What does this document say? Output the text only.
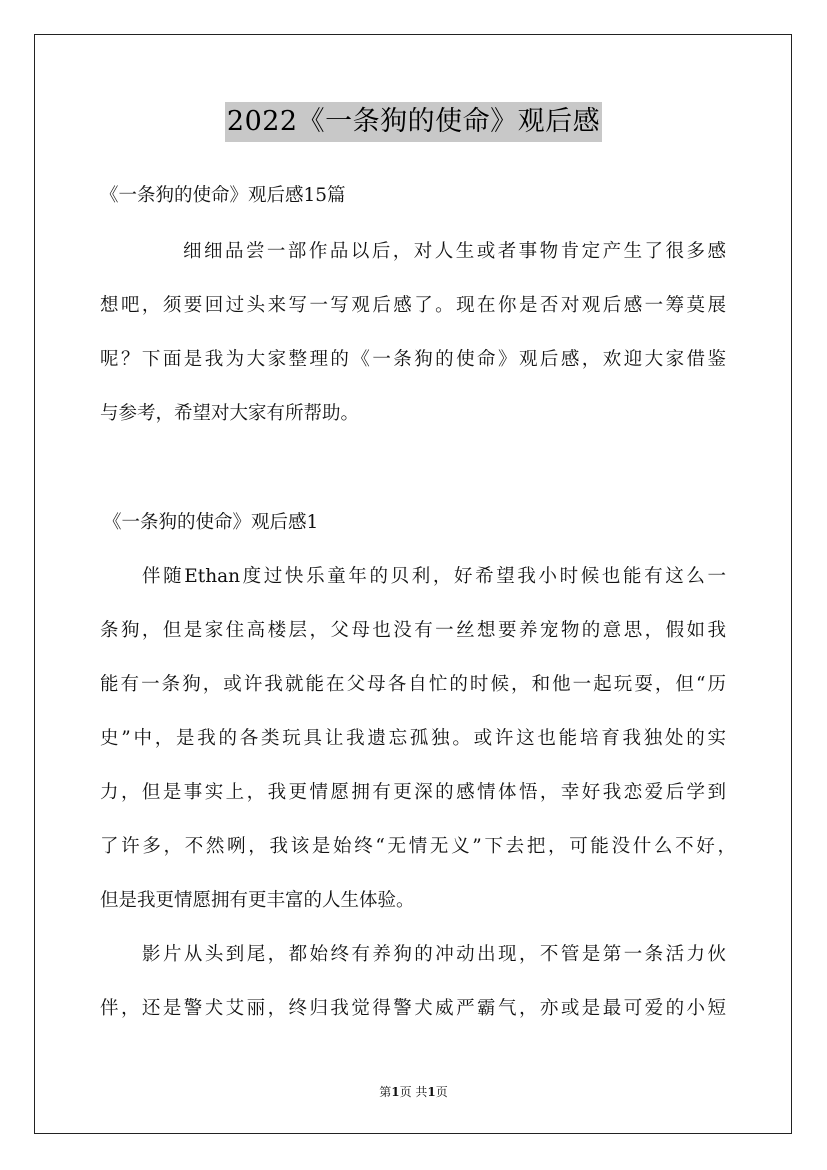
2022《一条狗的使命》观后感
《一条狗的使命》观后感15篇
细细品尝一部作品以后，对人生或者事物肯定产生了很多感
想吧，须要回过头来写一写观后感了。现在你是否对观后感一筹莫展
呢？下面是我为大家整理的《一条狗的使命》观后感，欢迎大家借鉴
与参考，希望对大家有所帮助。
《一条狗的使命》观后感1
伴随Ethan度过快乐童年的贝利，好希望我小时候也能有这么一
条狗，但是家住高楼层，父母也没有一丝想要养宠物的意思，假如我
能有一条狗，或许我就能在父母各自忙的时候，和他一起玩耍，但“历
史”中，是我的各类玩具让我遗忘孤独。或许这也能培育我独处的实
力，但是事实上，我更情愿拥有更深的感情体悟，幸好我恋爱后学到
了许多，不然咧，我该是始终“无情无义”下去把，可能没什么不好，
但是我更情愿拥有更丰富的人生体验。
影片从头到尾，都始终有养狗的冲动出现，不管是第一条活力伙
伴，还是警犬艾丽，终归我觉得警犬威严霸气，亦或是最可爱的小短
第1页 共1页
